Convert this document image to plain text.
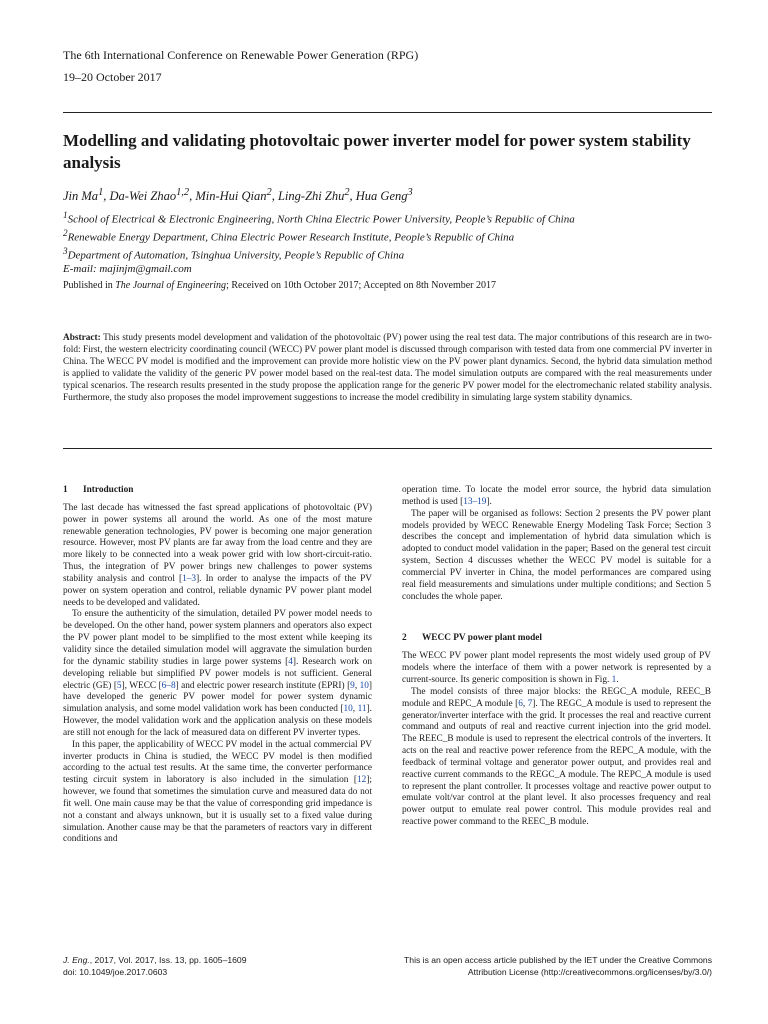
The 6th International Conference on Renewable Power Generation (RPG)
19–20 October 2017
Modelling and validating photovoltaic power inverter model for power system stability analysis
Jin Ma$^1$, Da-Wei Zhao$^{1,2}$, Min-Hui Qian$^2$, Ling-Zhi Zhu$^2$, Hua Geng$^3$
$^1$School of Electrical & Electronic Engineering, North China Electric Power University, People’s Republic of China
$^2$Renewable Energy Department, China Electric Power Research Institute, People’s Republic of China
$^3$Department of Automation, Tsinghua University, People’s Republic of China
E-mail: majinjm@gmail.com
Published in The Journal of Engineering; Received on 10th October 2017; Accepted on 8th November 2017
Abstract: This study presents model development and validation of the photovoltaic (PV) power using the real test data. The major contributions of this research are in two-fold: First, the western electricity coordinating council (WECC) PV power plant model is discussed through comparison with tested data from one commercial PV inverter in China. The WECC PV model is modified and the improvement can provide more holistic view on the PV power plant dynamics. Second, the hybrid data simulation method is applied to validate the validity of the generic PV power model based on the real-test data. The model simulation outputs are compared with the real measurements under typical scenarios. The research results presented in the study propose the application range for the generic PV power model for the electromechanic related stability analysis. Furthermore, the study also proposes the model improvement suggestions to increase the model credibility in simulating large system stability dynamics.
1 Introduction

The last decade has witnessed the fast spread applications of photovoltaic (PV) power in power systems all around the world. As one of the most mature renewable generation technologies, PV power is becoming one major generation resource. However, most PV plants are far away from the load centre and they are more likely to be connected into a weak power grid with low short-circuit-ratio. Thus, the integration of PV power brings new challenges to power systems stability analysis and control [1–3]. In order to analyse the impacts of the PV power on system operation and control, reliable dynamic PV power plant model needs to be developed and validated.

To ensure the authenticity of the simulation, detailed PV power model needs to be developed. On the other hand, power system planners and operators also expect the PV power plant model to be simplified to the most extent while keeping its validity since the detailed simulation model will aggravate the simulation burden for the dynamic stability studies in large power systems [4]. Research work on developing reliable but simplified PV power models is not sufficient. General electric (GE) [5], WECC [6–8] and electric power research institute (EPRI) [9, 10] have developed the generic PV power model for power system dynamic simulation analysis, and some model validation work has been conducted [10, 11]. However, the model validation work and the application analysis on these models are still not enough for the lack of measured data on different PV inverter types.

In this paper, the applicability of WECC PV model in the actual commercial PV inverter products in China is studied, the WECC PV model is then modified according to the actual test results. At the same time, the converter performance testing circuit system in laboratory is also included in the simulation [12]; however, we found that sometimes the simulation curve and measured data do not fit well. One main cause may be that the value of corresponding grid impedance is not a constant and always unknown, but it is usually set to a fixed value during simulation. Another cause may be that the parameters of reactors vary in different conditions and

operation time. To locate the model error source, the hybrid data simulation method is used [13–19].

The paper will be organised as follows: Section 2 presents the PV power plant models provided by WECC Renewable Energy Modeling Task Force; Section 3 describes the concept and implementation of hybrid data simulation which is adopted to conduct model validation in the paper; Based on the general test circuit system, Section 4 discusses whether the WECC PV model is suitable for a commercial PV inverter in China, the model performances are compared using real field measurements and simulations under multiple conditions; and Section 5 concludes the whole paper.

2 WECC PV power plant model

The WECC PV power plant model represents the most widely used group of PV models where the interface of them with a power network is represented by a current-source. Its generic composition is shown in Fig. 1.

The model consists of three major blocks: the REGC_A module, REEC_B module and REPC_A module [6, 7]. The REGC_A module is used to represent the generator/inverter interface with the grid. It processes the real and reactive current command and outputs of real and reactive current injection into the grid model. The REEC_B module is used to represent the electrical controls of the inverters. It acts on the real and reactive power reference from the REPC_A module, with the feedback of terminal voltage and generator power output, and provides real and reactive current commands to the REGC_A module. The REPC_A module is used to represent the plant controller. It processes voltage and reactive power output to emulate volt/var control at the plant level. It also processes frequency and real power output to emulate real power control. This module provides real and reactive power command to the REEC_B module.

J. Eng., 2017, Vol. 2017, Iss. 13, pp. 1605–1609
doi: 10.1049/joe.2017.0603
This is an open access article published by the IET under the Creative Commons
Attribution License (http://creativecommons.org/licenses/by/3.0/)
